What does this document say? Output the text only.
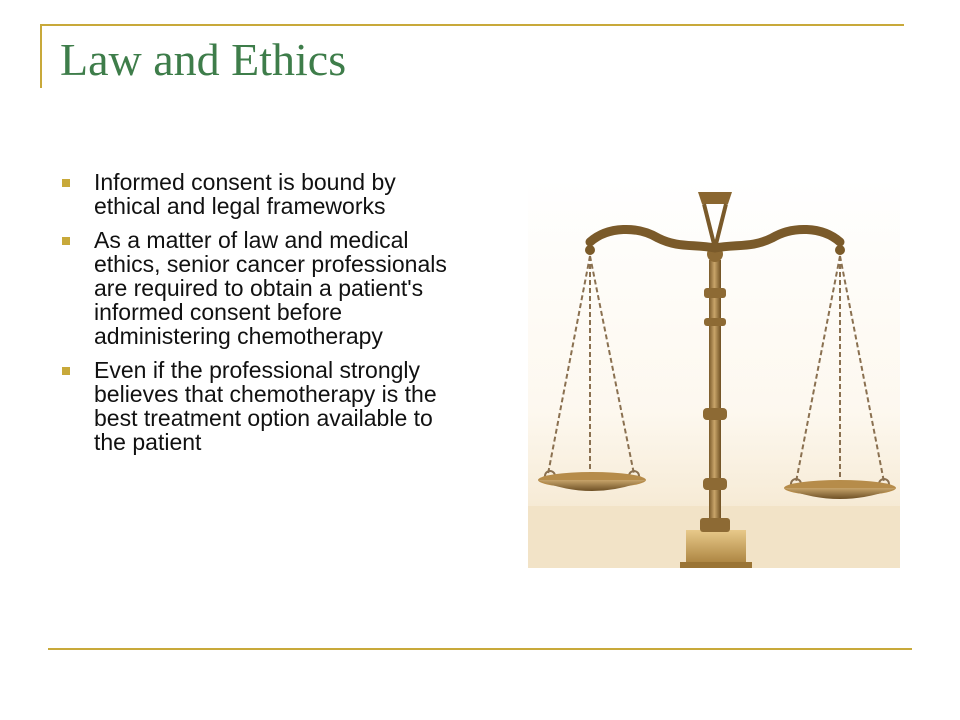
Law and Ethics
Informed consent is bound by ethical and legal frameworks
As a matter of law and medical ethics, senior cancer professionals are required to obtain a patient's informed consent before administering chemotherapy
Even if the professional strongly believes that chemotherapy is the best treatment option available to the patient
